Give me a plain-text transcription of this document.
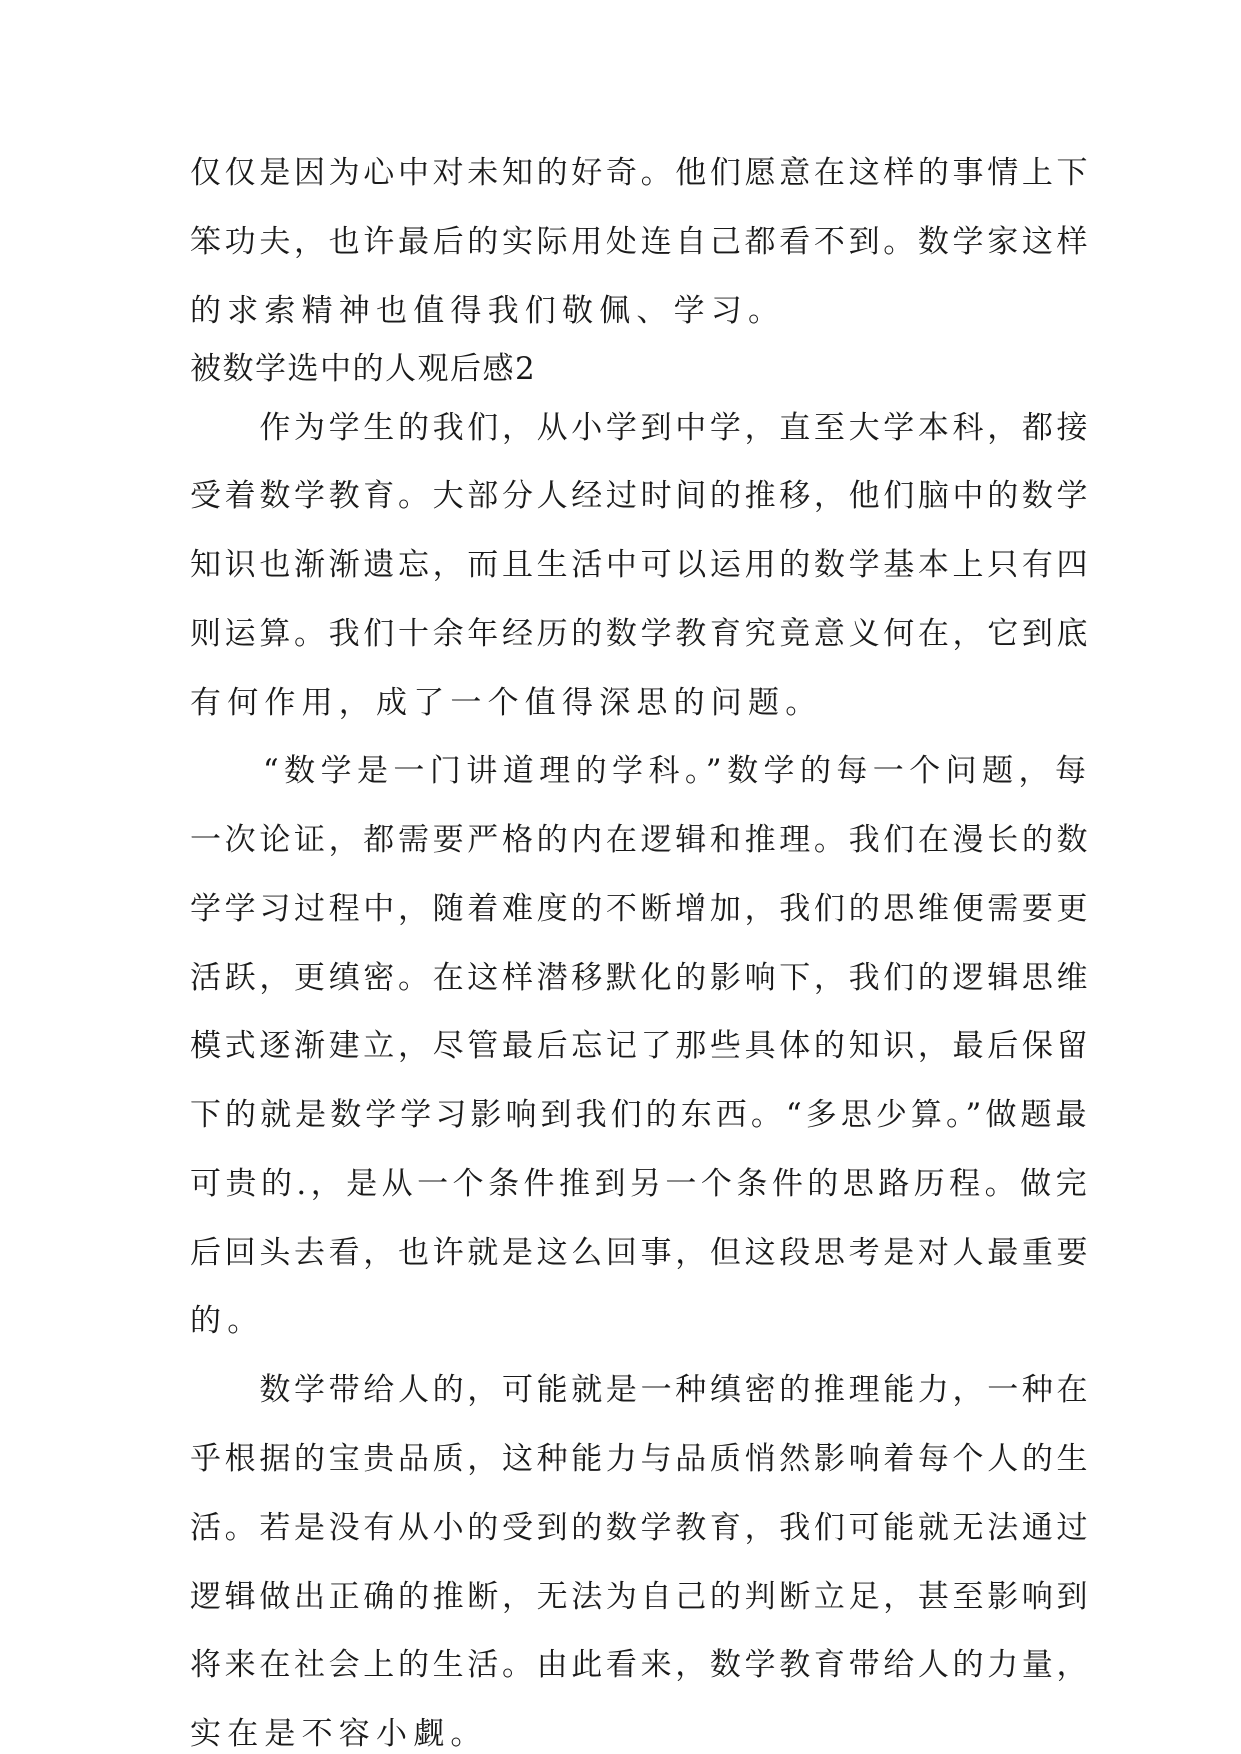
仅仅是因为心中对未知的好奇。他们愿意在这样的事情上下
笨功夫，也许最后的实际用处连自己都看不到。数学家这样
的求索精神也值得我们敬佩、学习。
被数学选中的人观后感2
　　作为学生的我们，从小学到中学，直至大学本科，都接
受着数学教育。大部分人经过时间的推移，他们脑中的数学
知识也渐渐遗忘，而且生活中可以运用的数学基本上只有四
则运算。我们十余年经历的数学教育究竟意义何在，它到底
有何作用，成了一个值得深思的问题。
　　“数学是一门讲道理的学科。”数学的每一个问题，每
一次论证，都需要严格的内在逻辑和推理。我们在漫长的数
学学习过程中，随着难度的不断增加，我们的思维便需要更
活跃，更缜密。在这样潜移默化的影响下，我们的逻辑思维
模式逐渐建立，尽管最后忘记了那些具体的知识，最后保留
下的就是数学学习影响到我们的东西。“多思少算。”做题最
可贵的.，是从一个条件推到另一个条件的思路历程。做完
后回头去看，也许就是这么回事，但这段思考是对人最重要
的。
　　数学带给人的，可能就是一种缜密的推理能力，一种在
乎根据的宝贵品质，这种能力与品质悄然影响着每个人的生
活。若是没有从小的受到的数学教育，我们可能就无法通过
逻辑做出正确的推断，无法为自己的判断立足，甚至影响到
将来在社会上的生活。由此看来，数学教育带给人的力量，
实在是不容小觑。
